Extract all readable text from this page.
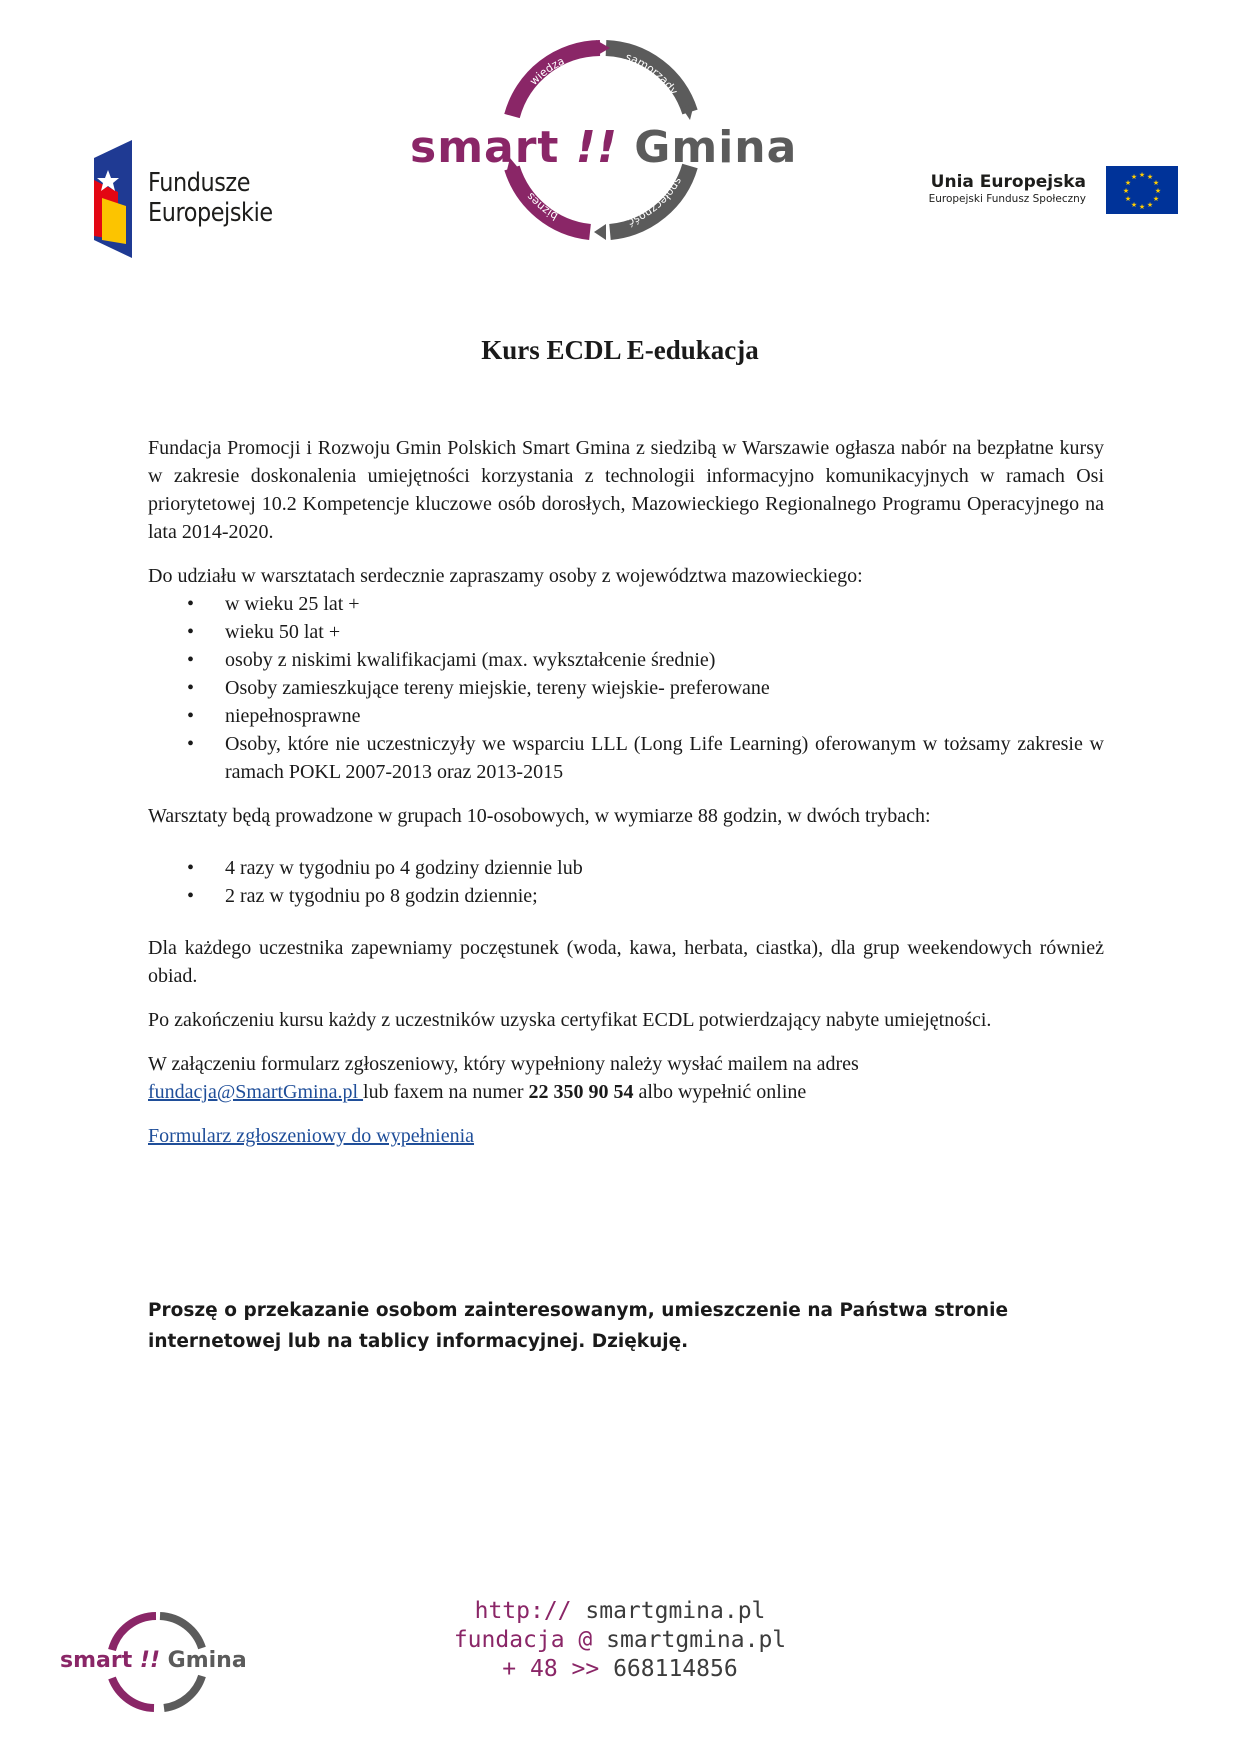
Fundusze
Europejskie
wiedza	samorządy
społeczność
biznes
smart !! Gmina
Unia Europejska
Europejski Fundusz Społeczny
★ ★
★
★
★
★
★
★
★
★
★
★
Kurs ECDL E-edukacja

Fundacja Promocji i Rozwoju Gmin Polskich Smart Gmina z siedzibą w Warszawie ogłasza nabór na bezpłatne kursy w zakresie doskonalenia umiejętności korzystania z technologii informacyjno komunikacyjnych w ramach Osi priorytetowej 10.2 Kompetencje kluczowe osób dorosłych, Mazowieckiego Regionalnego Programu Operacyjnego na lata 2014-2020.

Do udziału w warsztatach serdecznie zapraszamy osoby z województwa mazowieckiego:

• w wieku 25 lat +
• wieku 50 lat +
• osoby z niskimi kwalifikacjami (max. wykształcenie średnie)
• Osoby zamieszkujące tereny miejskie, tereny wiejskie- preferowane
• niepełnosprawne
• Osoby, które nie uczestniczyły we wsparciu LLL (Long Life Learning) oferowanym w tożsamy zakresie w ramach POKL 2007-2013 oraz 2013-2015

Warsztaty będą prowadzone w grupach 10-osobowych, w wymiarze 88 godzin, w dwóch trybach:

• 4 razy w tygodniu po 4 godziny dziennie lub
• 2 raz w tygodniu po 8 godzin dziennie;

Dla każdego uczestnika zapewniamy poczęstunek (woda, kawa, herbata, ciastka), dla grup weekendowych również obiad.

Po zakończeniu kursu każdy z uczestników uzyska certyfikat ECDL potwierdzający nabyte umiejętności.

W załączeniu formularz zgłoszeniowy, który wypełniony należy wysłać mailem na adres
fundacja@SmartGmina.pl lub faxem na numer 22 350 90 54 albo wypełnić online

Formularz zgłoszeniowy do wypełnienia

Proszę o przekazanie osobom zainteresowanym, umieszczenie na Państwa stronie internetowej lub na tablicy informacyjnej. Dziękuję.
smart !! Gmina
http:// smartgmina.pl
fundacja @ smartgmina.pl
+ 48 >> 668114856
